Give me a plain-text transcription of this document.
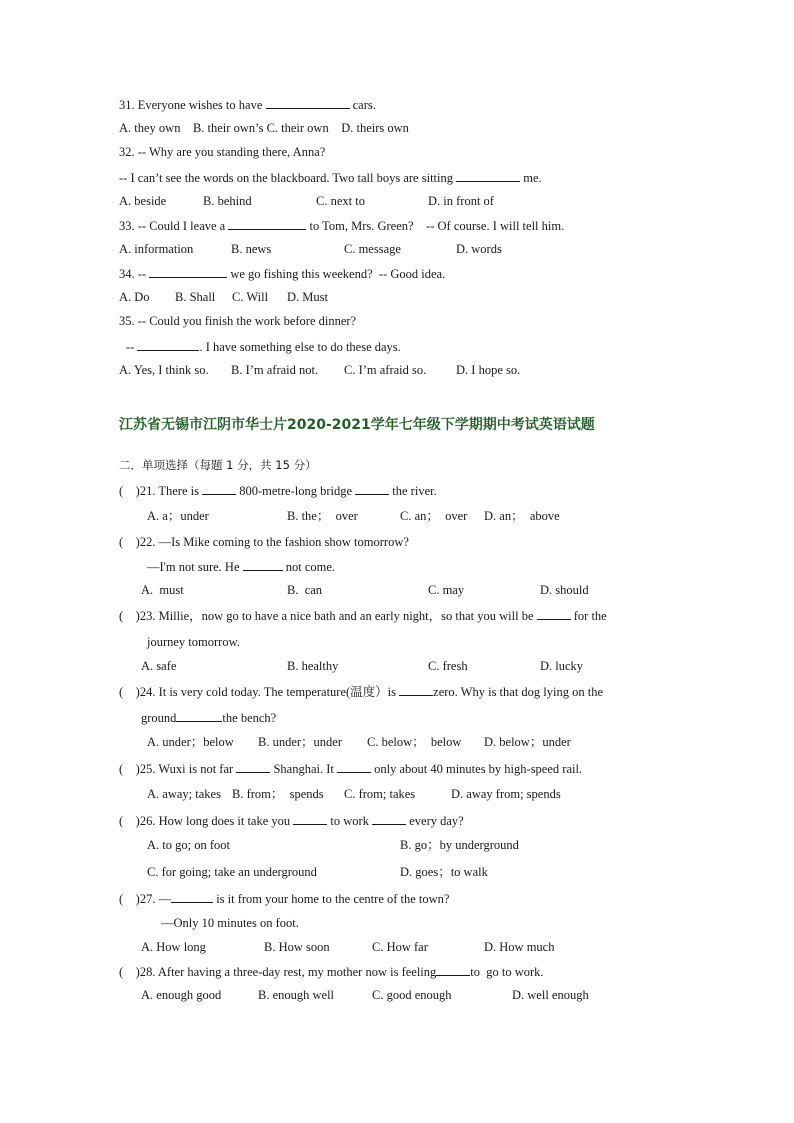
31. Everyone wishes to have	cars.
A. they own B. their own’s C. their own D. theirs own
32. -- Why are you standing there, Anna?
-- I can’t see the words on the blackboard. Two tall boys are sitting	me.
A. beside	B. behind	C. next to	D. in front of
33. -- Could I leave a	to Tom, Mrs. Green?    -- Of course. I will tell him.
A. information	B. news	C. message	D. words
34. --	we go fishing this weekend?  -- Good idea.
A. Do B. Shall C. Will D. Must
35. -- Could you finish the work before dinner?
--	. I have something else to do these days.
A. Yes, I think so. B. I’m afraid not. C. I’m afraid so. D. I hope so.
江苏省无锡市江阴市华士片2020-2021学年七年级下学期期中考试英语试题
二．单项选择（每题 1 分，共 15 分）
(    )21. There is	800-metre-long bridge	the river.
A. a；under	B. the；  over	C. an；  over D. an；  above
(    )22. —Is Mike coming to the fashion show tomorrow?
—I'm not sure. He	not come.
A.  must	B.  can	C. may	D. should
(    )23. Millie，now go to have a nice bath and an early night，so that you will be	for the
journey tomorrow.
A. safe	B. healthy	C. fresh	D. lucky
(    )24. It is very cold today. The temperature(温度）is	zero. Why is that dog lying on the
ground	the bench?
A. under；below B. under；under C. below；  below D. below；under
(    )25. Wuxi is not far	Shanghai. It	only about 40 minutes by high-speed rail.
A. away; takes B. from；  spends C. from; takes	D. away from; spends
(    )26. How long does it take you	to work	every day?
A. to go; on foot	B. go；by underground
C. for going; take an underground	D. goes；to walk
(    )27. —	is it from your home to the centre of the town?
—Only 10 minutes on foot.
A. How long	B. How soon	C. How far	D. How much
(    )28. After having a three-day rest, my mother now is feeling	to  go to work.
A. enough good	B. enough well	C. good enough	D. well enough
